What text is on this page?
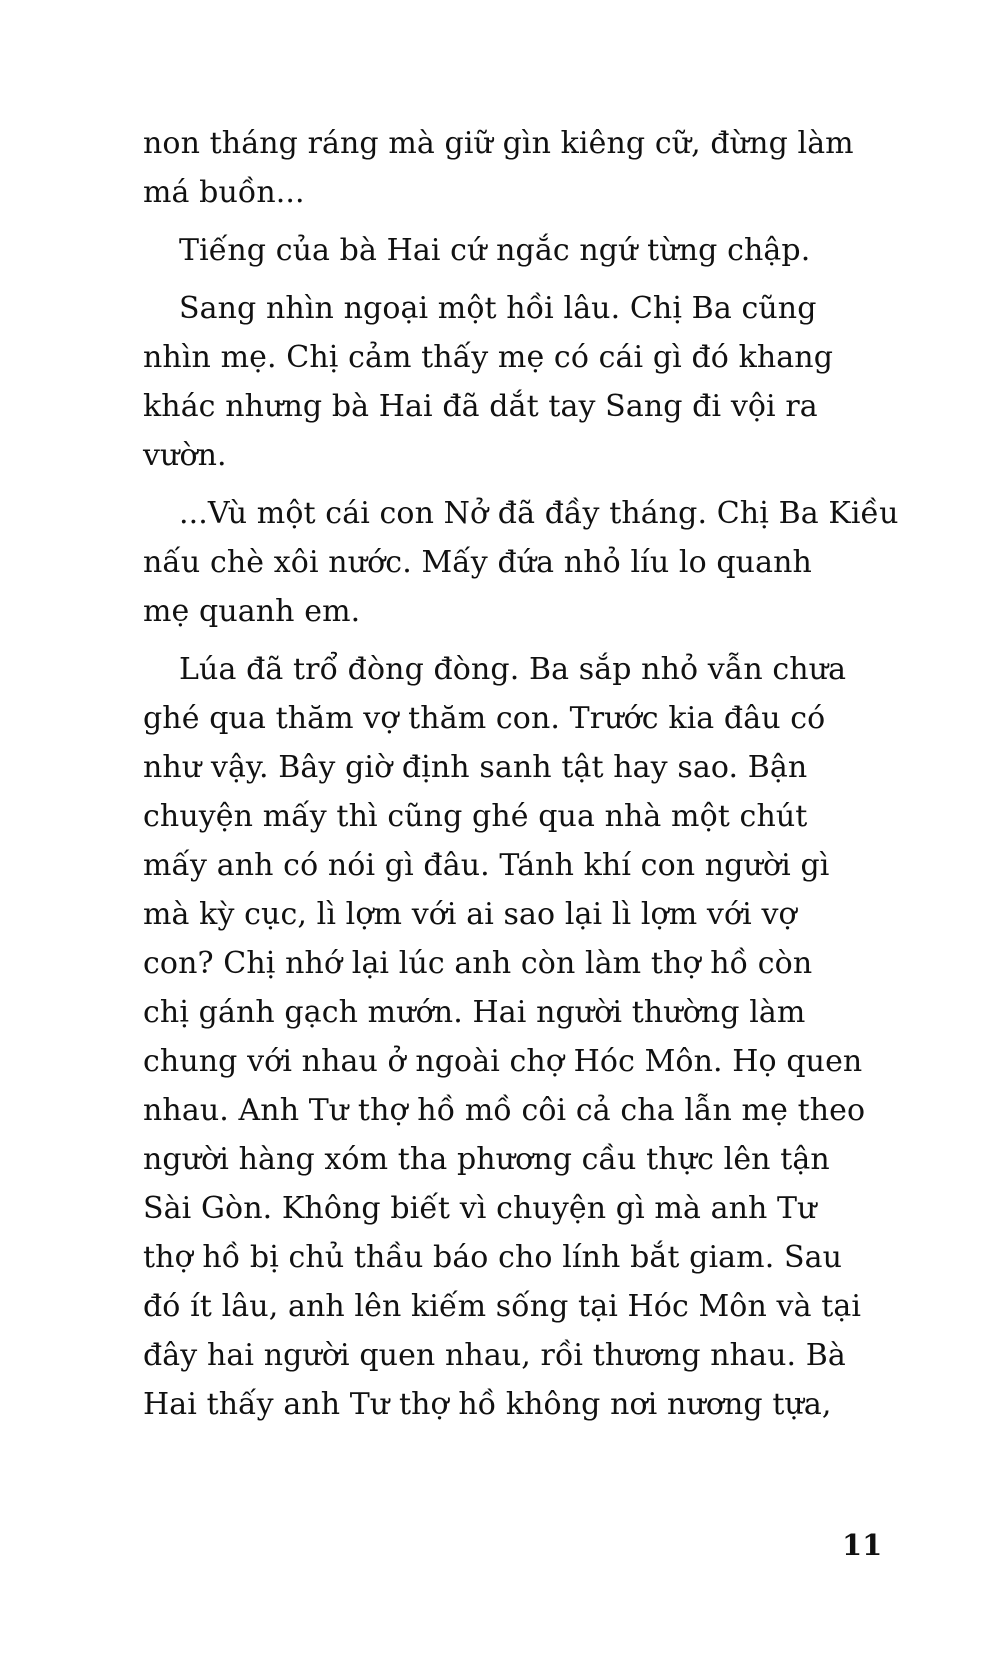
non tháng ráng mà giữ gìn kiêng cữ, đừng làm
má buồn...
Tiếng của bà Hai cứ ngắc ngứ từng chập.
Sang nhìn ngoại một hồi lâu. Chị Ba cũng
nhìn mẹ. Chị cảm thấy mẹ có cái gì đó khang
khác nhưng bà Hai đã dắt tay Sang đi vội ra
vườn.
...Vù một cái con Nở đã đầy tháng. Chị Ba Kiều
nấu chè xôi nước. Mấy đứa nhỏ líu lo quanh
mẹ quanh em.
Lúa đã trổ đòng đòng. Ba sắp nhỏ vẫn chưa
ghé qua thăm vợ thăm con. Trước kia đâu có
như vậy. Bây giờ định sanh tật hay sao. Bận
chuyện mấy thì cũng ghé qua nhà một chút
mấy anh có nói gì đâu. Tánh khí con người gì
mà kỳ cục, lì lợm với ai sao lại lì lợm với vợ
con? Chị nhớ lại lúc anh còn làm thợ hồ còn
chị gánh gạch mướn. Hai người thường làm
chung với nhau ở ngoài chợ Hóc Môn. Họ quen
nhau. Anh Tư thợ hồ mồ côi cả cha lẫn mẹ theo
người hàng xóm tha phương cầu thực lên tận
Sài Gòn. Không biết vì chuyện gì mà anh Tư
thợ hồ bị chủ thầu báo cho lính bắt giam. Sau
đó ít lâu, anh lên kiếm sống tại Hóc Môn và tại
đây hai người quen nhau, rồi thương nhau. Bà
Hai thấy anh Tư thợ hồ không nơi nương tựa,
11
